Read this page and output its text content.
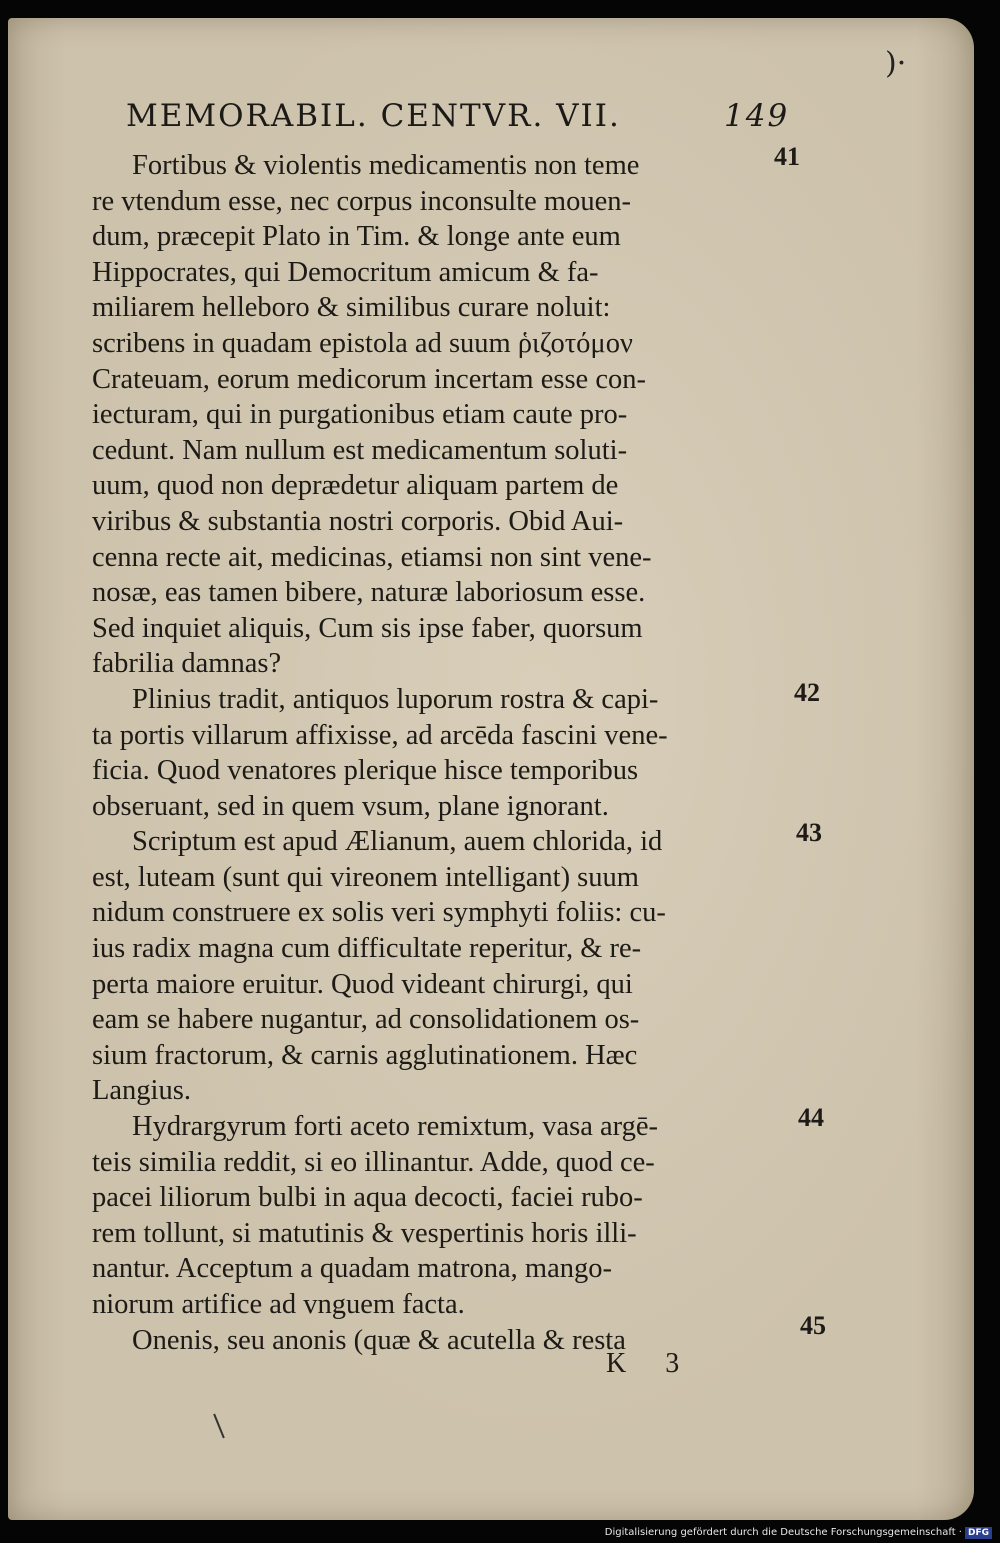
)·
MEMORABIL. CENTVR. VII.	149
Fortibus & violentis medicamentis non teme
re vtendum esse, nec corpus inconsulte mouen-
dum, præcepit Plato in Tim. & longe ante eum
Hippocrates, qui Democritum amicum & fa-
miliarem helleboro & similibus curare noluit:
scribens in quadam epistola ad suum ῥιζοτόμον
Crateuam, eorum medicorum incertam esse con-
iecturam, qui in purgationibus etiam caute pro-
cedunt. Nam nullum est medicamentum soluti-
uum, quod non deprædetur aliquam partem de
viribus & substantia nostri corporis. Obid Aui-
cenna recte ait, medicinas, etiamsi non sint vene-
nosæ, eas tamen bibere, naturæ laboriosum esse.
Sed inquiet aliquis, Cum sis ipse faber, quorsum
fabrilia damnas?
Plinius tradit, antiquos luporum rostra & capi-
ta portis villarum affixisse, ad arcēda fascini vene-
ficia. Quod venatores plerique hisce temporibus
obseruant, sed in quem vsum, plane ignorant.
Scriptum est apud Ælianum, auem chlorida, id
est, luteam (sunt qui vireonem intelligant) suum
nidum construere ex solis veri symphyti foliis: cu-
ius radix magna cum difficultate reperitur, & re-
perta maiore eruitur. Quod videant chirurgi, qui
eam se habere nugantur, ad consolidationem os-
sium fractorum, & carnis agglutinationem. Hæc
Langius.
Hydrargyrum forti aceto remixtum, vasa argē-
teis similia reddit, si eo illinantur. Adde, quod ce-
pacei liliorum bulbi in aqua decocti, faciei rubo-
rem tollunt, si matutinis & vespertinis horis illi-
nantur. Acceptum a quadam matrona, mango-
niorum artifice ad vnguem facta.
Onenis, seu anonis (quæ & acutella & resta
41
42
43
44
45
K 3
Digitalisierung gefördert durch die Deutsche Forschungsgemeinschaft · DFG
